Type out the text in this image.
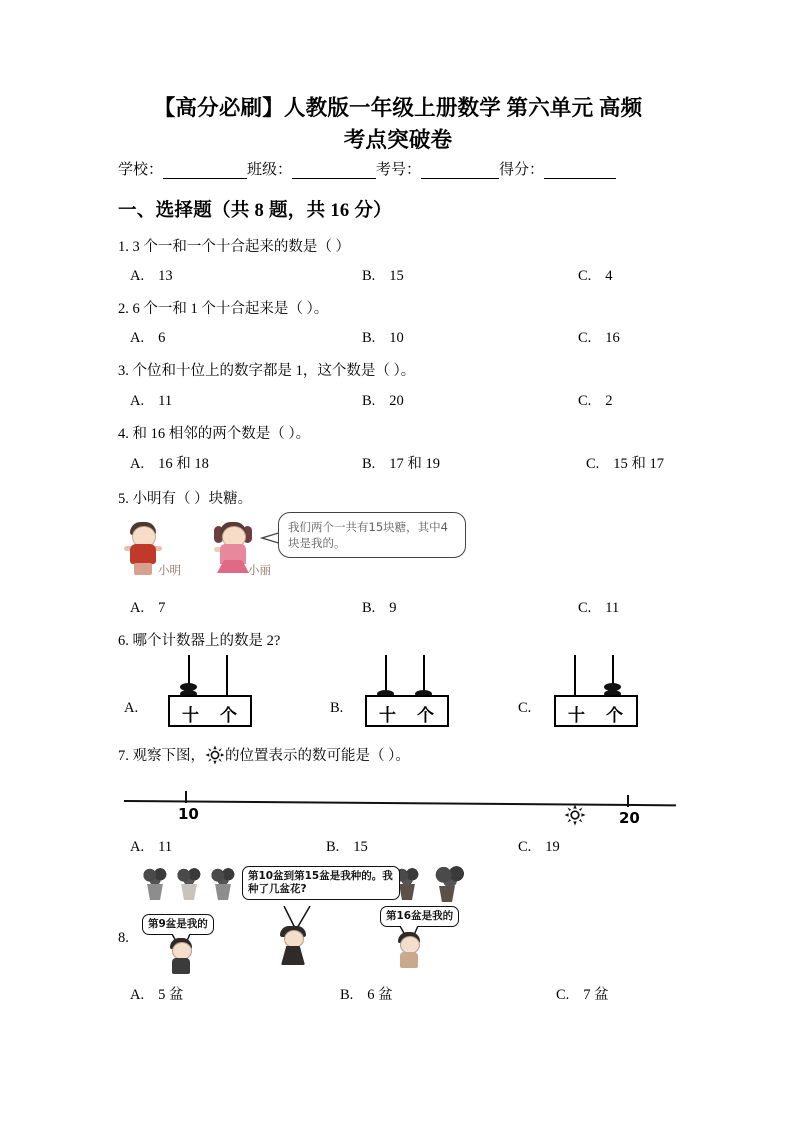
【高分必刷】人教版一年级上册数学 第六单元 高频
考点突破卷
学校：	班级：	考号：	得分：
一、选择题（共 8 题，共 16 分）
1. 3 个一和一个十合起来的数是（ ）
A. 13	B. 15	C. 4
2. 6 个一和 1 个十合起来是（ ）。
A. 6	B. 10	C. 16
3. 个位和十位上的数字都是 1，这个数是（ ）。
A. 11	B. 20	C. 2
4. 和 16 相邻的两个数是（ ）。
A. 16 和 18	B. 17 和 19	C. 15 和 17
5. 小明有（ ）块糖。
小明	小丽
我们两个一共有15块糖，其中4块是我的。
A. 7	B. 9	C. 11
6. 哪个计数器上的数是 2?
A.	十 个	B. 十 个	C. 十 个
7. 观察下图， 的位置表示的数可能是（ ）。
10	20
A. 11	B. 15	C. 19
8.
第10盆到第15盆是我种的。我种了几盆花?
第9盆是我的
第16盆是我的
A. 5 盆	B. 6 盆	C. 7 盆
